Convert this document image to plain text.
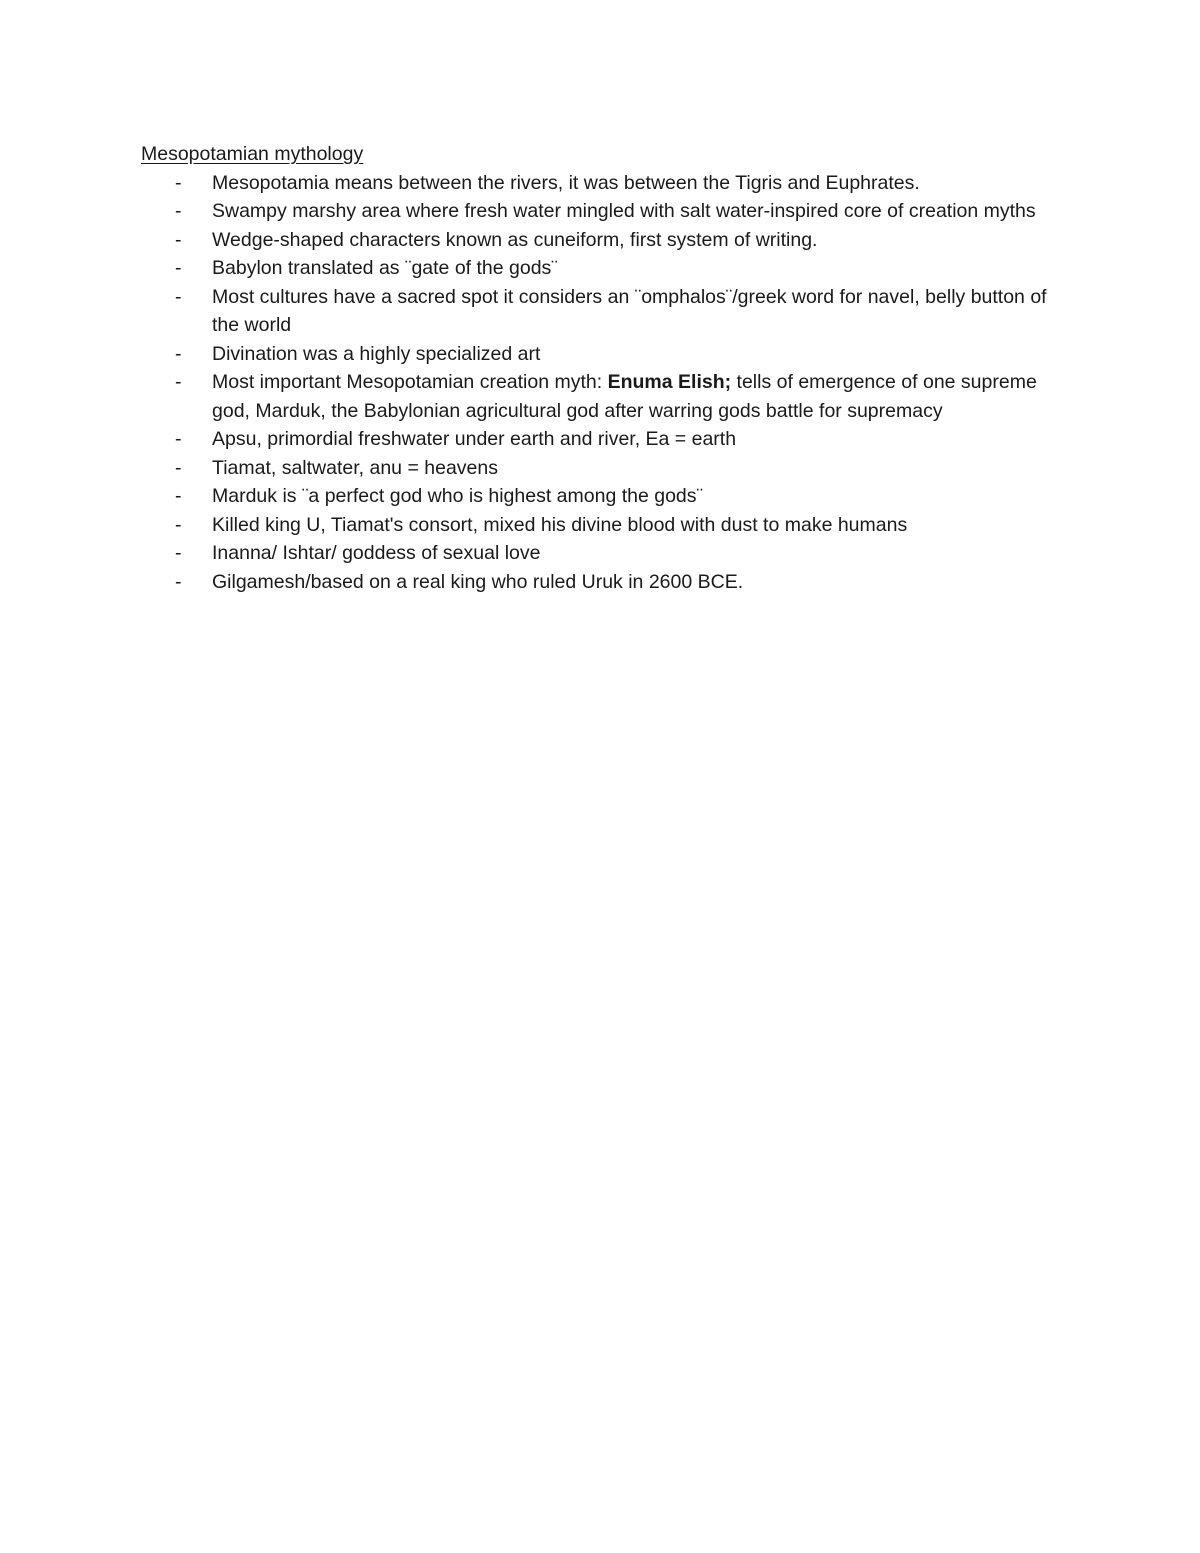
Mesopotamian mythology

- Mesopotamia means between the rivers, it was between the Tigris and Euphrates.
- Swampy marshy area where fresh water mingled with salt water-inspired core of creation myths
- Wedge-shaped characters known as cuneiform, first system of writing.
- Babylon translated as ¨gate of the gods¨
- Most cultures have a sacred spot it considers an ¨omphalos¨/greek word for navel, belly button of the world
- Divination was a highly specialized art
- Most important Mesopotamian creation myth: Enuma Elish; tells of emergence of one supreme god, Marduk, the Babylonian agricultural god after warring gods battle for supremacy
- Apsu, primordial freshwater under earth and river, Ea = earth
- Tiamat, saltwater, anu = heavens
- Marduk is ¨a perfect god who is highest among the gods¨
- Killed king U, Tiamat's consort, mixed his divine blood with dust to make humans
- Inanna/ Ishtar/ goddess of sexual love
- Gilgamesh/based on a real king who ruled Uruk in 2600 BCE.
